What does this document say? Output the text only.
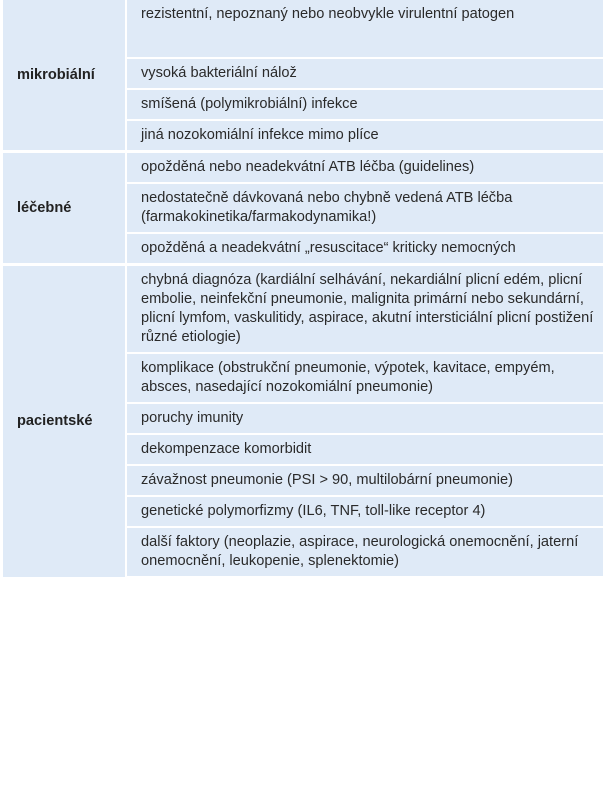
mikrobiální	rezistentní, nepoznaný nebo neobvykle virulentní patogen
	vysoká bakteriální nálož
	smíšená (polymikrobiální) infekce
	jiná nozokomiální infekce mimo plíce
léčebné	opožděná nebo neadekvátní ATB léčba (guidelines)
	nedostatečně dávkovaná nebo chybně vedená ATB léčba (farmakokinetika/farmakodynamika!)
	opožděná a neadekvátní „resuscitace“ kriticky nemocných
pacientské	chybná diagnóza (kardiální selhávání, nekardiální plicní edém, plicní embolie, neinfekční pneumonie, malignita primární nebo sekundární, plicní lymfom, vaskulitidy, aspirace, akutní intersticiální plicní postižení různé etiologie)
	komplikace (obstrukční pneumonie, výpotek, kavitace, empyém, absces, nasedající nozokomiální pneumonie)
	poruchy imunity
	dekompenzace komorbidit
	závažnost pneumonie (PSI > 90, multilobární pneumonie)
	genetické polymorfizmy (IL6, TNF, toll-like receptor 4)
	další faktory (neoplazie, aspirace, neurologická onemocnění, jaterní onemocnění, leukopenie, splenektomie)
